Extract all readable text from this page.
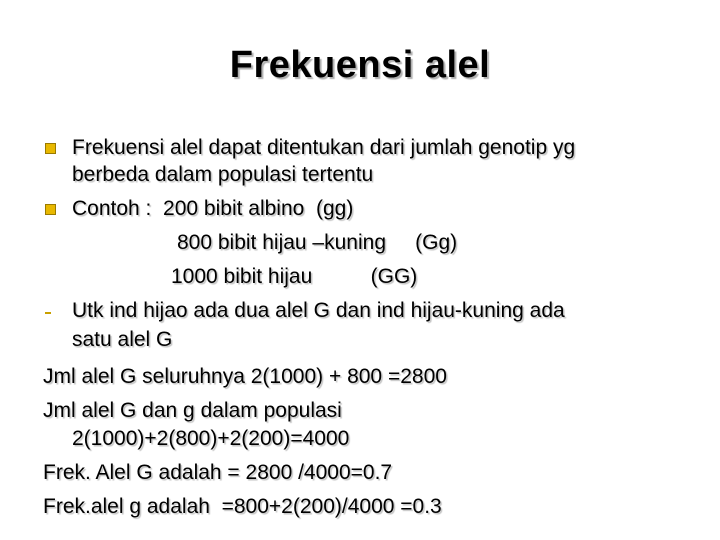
Frekuensi alel
Frekuensi alel dapat ditentukan dari jumlah genotip yg
berbeda dalam populasi tertentu
Contoh :  200 bibit albino  (gg)
800 bibit hijau –kuning     (Gg)
1000 bibit hijau          (GG)
Utk ind hijao ada dua alel G dan ind hijau-kuning ada
satu alel G
Jml alel G seluruhnya 2(1000) + 800 =2800
Jml alel G dan g dalam populasi
2(1000)+2(800)+2(200)=4000
Frek. Alel G adalah = 2800 /4000=0.7
Frek.alel g adalah  =800+2(200)/4000 =0.3
